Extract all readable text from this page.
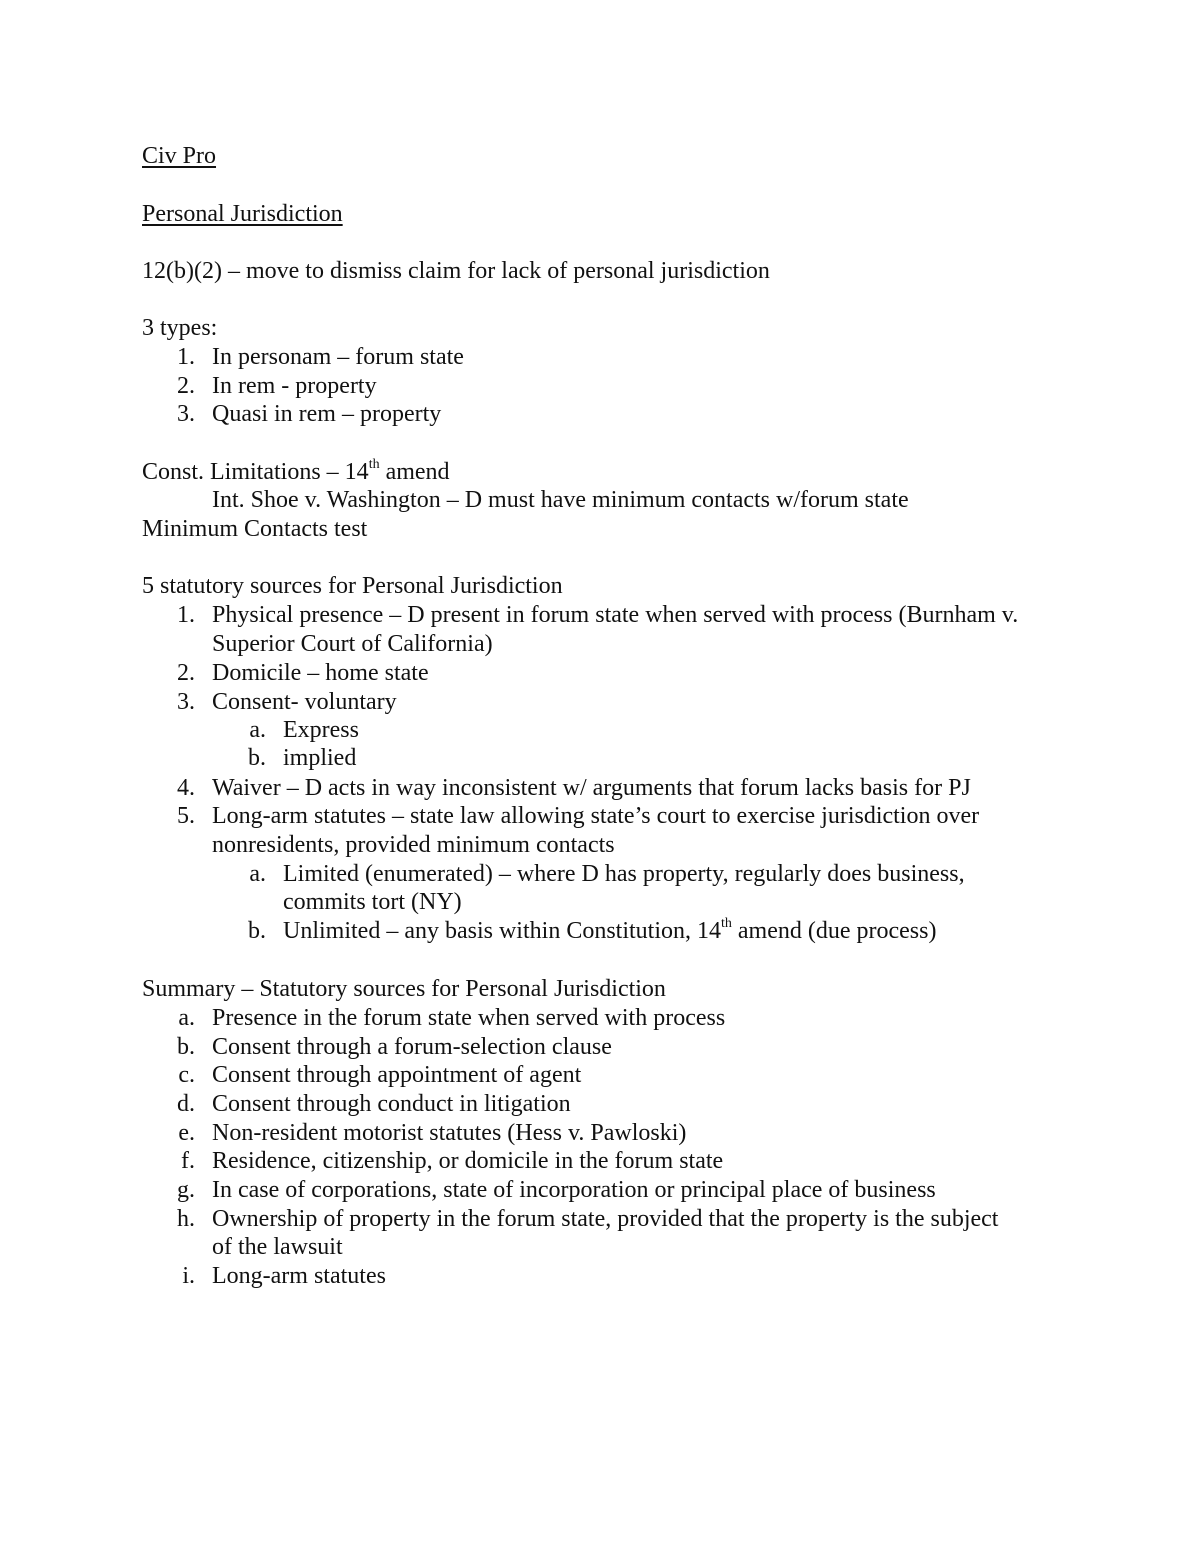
Civ Pro
Personal Jurisdiction
12(b)(2) – move to dismiss claim for lack of personal jurisdiction
3 types:
1. In personam – forum state
2. In rem - property
3. Quasi in rem – property
Const. Limitations – 14th amend
Int. Shoe v. Washington – D must have minimum contacts w/forum state
Minimum Contacts test
5 statutory sources for Personal Jurisdiction
1. Physical presence – D present in forum state when served with process (Burnham v.
Superior Court of California)
2. Domicile – home state
3. Consent- voluntary
a. Express
b. implied
4. Waiver – D acts in way inconsistent w/ arguments that forum lacks basis for PJ
5. Long-arm statutes – state law allowing state’s court to exercise jurisdiction over
nonresidents, provided minimum contacts
a. Limited (enumerated) – where D has property, regularly does business,
commits tort (NY)
b. Unlimited – any basis within Constitution, 14th amend (due process)
Summary – Statutory sources for Personal Jurisdiction
a. Presence in the forum state when served with process
b. Consent through a forum-selection clause
c. Consent through appointment of agent
d. Consent through conduct in litigation
e. Non-resident motorist statutes (Hess v. Pawloski)
f. Residence, citizenship, or domicile in the forum state
g. In case of corporations, state of incorporation or principal place of business
h. Ownership of property in the forum state, provided that the property is the subject
of the lawsuit
i. Long-arm statutes
